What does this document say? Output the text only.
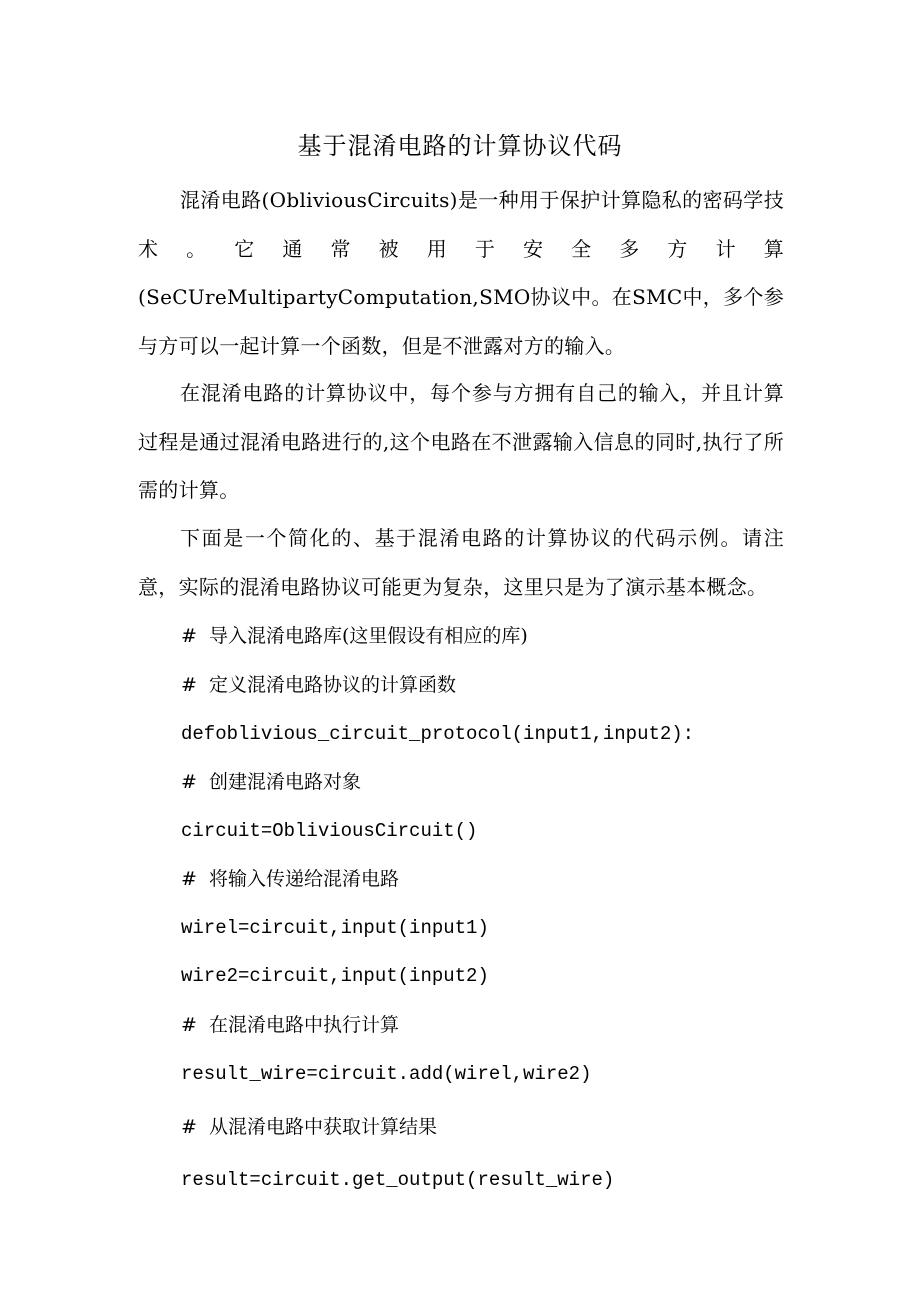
基于混淆电路的计算协议代码

混淆电路(ObliviousCircuits)是一种用于保护计算隐私的密码学技术。它通常被用于安全多方计算(SeCUreMultipartyComputation,SMO协议中。在SMC中，多个参与方可以一起计算一个函数，但是不泄露对方的输入。

在混淆电路的计算协议中，每个参与方拥有自己的输入，并且计算过程是通过混淆电路进行的,这个电路在不泄露输入信息的同时,执行了所需的计算。

下面是一个简化的、基于混淆电路的计算协议的代码示例。请注意，实际的混淆电路协议可能更为复杂，这里只是为了演示基本概念。

#  导入混淆电路库(这里假设有相应的库)
#  定义混淆电路协议的计算函数
defoblivious_circuit_protocol(input1,input2):
#  创建混淆电路对象
circuit=ObliviousCircuit()
#  将输入传递给混淆电路
wirel=circuit,input(input1)
wire2=circuit,input(input2)
#  在混淆电路中执行计算
result_wire=circuit.add(wirel,wire2)
#  从混淆电路中获取计算结果
result=circuit.get_output(result_wire)
